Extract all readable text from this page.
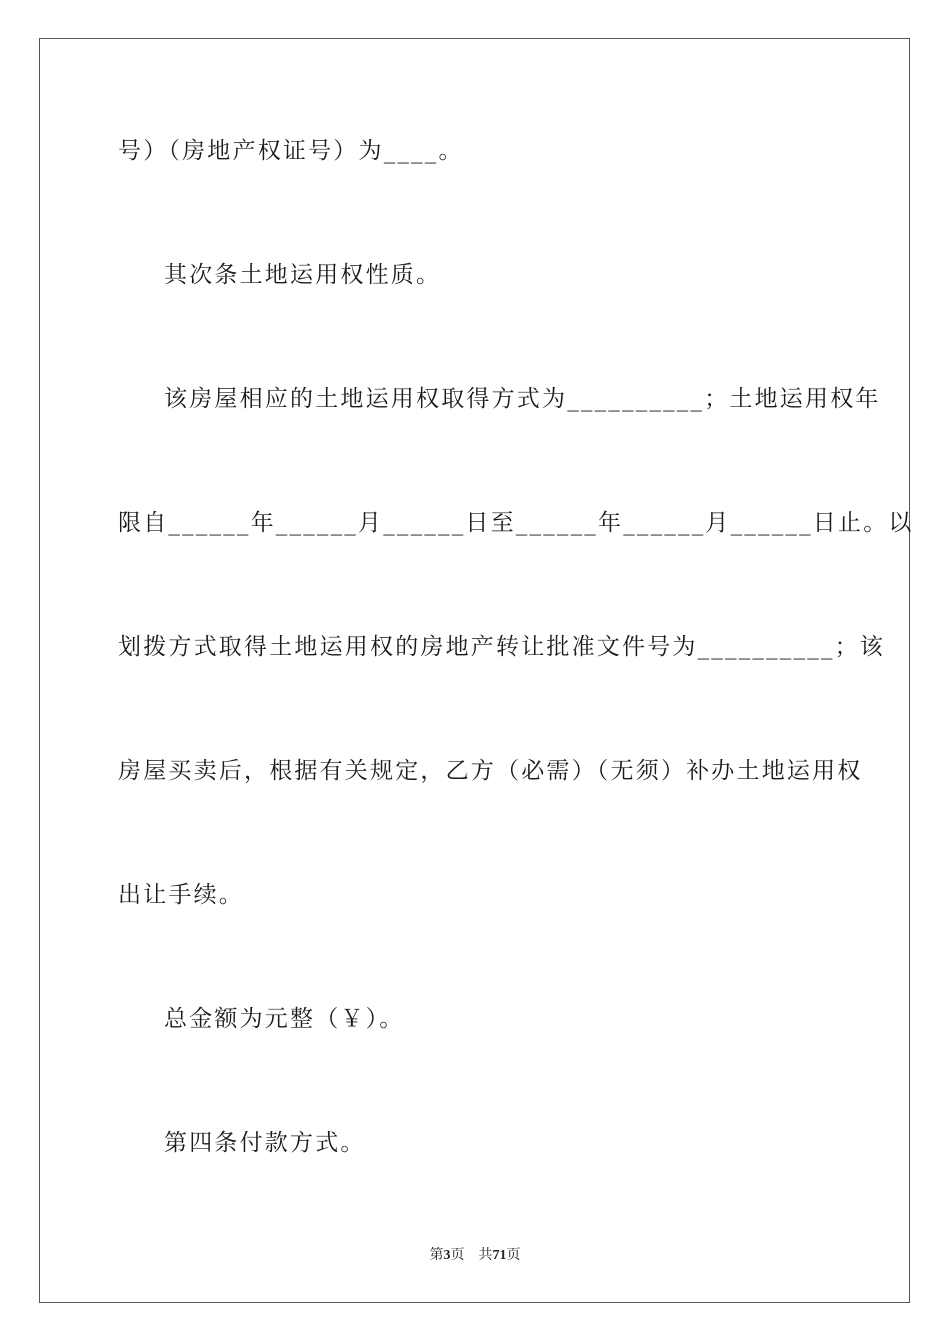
号）（房地产权证号）为____。
其次条土地运用权性质。
该房屋相应的土地运用权取得方式为__________；土地运用权年
限自______年______月______日至______年______月______日止。以
划拨方式取得土地运用权的房地产转让批准文件号为__________；该
房屋买卖后，根据有关规定，乙方（必需）（无须）补办土地运用权
出让手续。
总金额为元整（￥）。
第四条付款方式。
第3页 共71页
